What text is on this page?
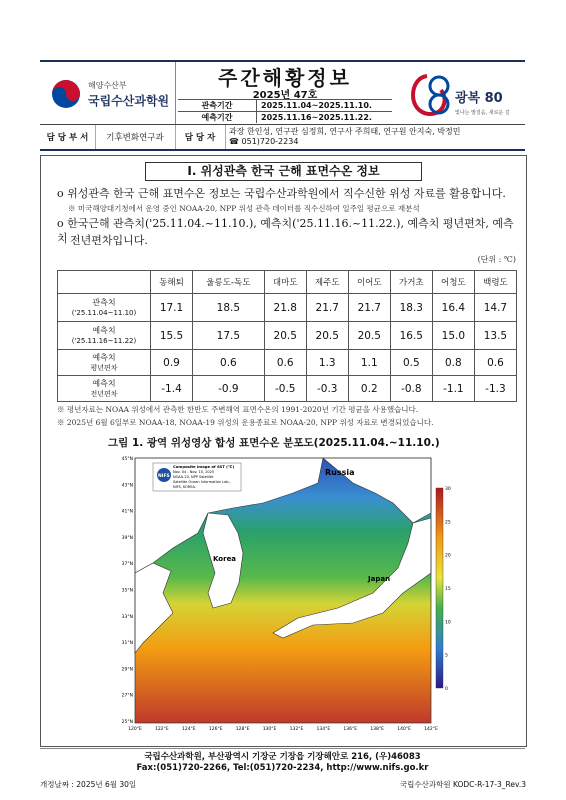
해양수산부
국립수산과학원
주간해황정보
2025년 47호
관측기간	2025.11.04~2025.11.10.
예측기간	2025.11.16~2025.11.22.
광복 80
빛나는 발걸음, 새로운 길
담 당 부 서	기후변화연구과	담 당 자
과장 한인성, 연구관 심정희, 연구사 주희태, 연구원 안지숙, 박정민
☎ 051)720-2234
I. 위성관측 한국 근해 표면수온 정보
o 위성관측 한국 근해 표면수온 정보는 국립수산과학원에서 직수신한 위성 자료를 활용합니다.
※ 미국해양대기청에서 운영 중인 NOAA-20, NPP 위성 관측 데이터를 직수신하여 일주일 평균으로 재분석
o 한국근해 관측치('25.11.04.~11.10.), 예측치('25.11.16.~11.22.), 예측치 평년편차, 예측치 전년편차입니다.
(단위 : ℃)
	동해퇴	울릉도-독도	대마도	제주도	이어도	가거초	어청도	백령도

관측치
('25.11.04~11.10)	17.1	18.5	21.8	21.7	21.7	18.3	16.4	14.7

예측치
('25.11.16~11.22)	15.5	17.5	20.5	20.5	20.5	16.5	15.0	13.5

예측치
평년편차	0.9	0.6	0.6	1.3	1.1	0.5	0.8	0.6

예측치
전년편차	-1.4	-0.9	-0.5	-0.3	0.2	-0.8	-1.1	-1.3
※ 평년자료는 NOAA 위성에서 관측한 한반도 주변해역 표면수온의 1991-2020년 기간 평균을 사용했습니다.
※ 2025년 6월 6일부로 NOAA-18, NOAA-19 위성의 운용종료로 NOAA-20, NPP 위성 자료로 변경되었습니다.
그림 1. 광역 위성영상 합성 표면수온 분포도(2025.11.04.~11.10.)
Russia
Korea
Japan
NIFS
Composite image of SST (℃)
Nov. 04 - Nov. 10, 2025
NOAA-20, NPP Satellite
Satellite Ocean Information Lab.,
NIFS, KOREA.	30
25
20
15
10
5
0
45°N
43°N
41°N
39°N
37°N
35°N
33°N
31°N
29°N
27°N
25°N
120°E	122°E	124°E	126°E	128°E	130°E	132°E	134°E	136°E	138°E	140°E	142°E
국립수산과학원, 부산광역시 기장군 기장읍 기장해안로 216, (우)46083
Fax:(051)720-2266, Tel:(051)720-2234, http://www.nifs.go.kr
개정날짜 : 2025년 6월 30일	국립수산과학원 KODC-R-17-3_Rev.3
